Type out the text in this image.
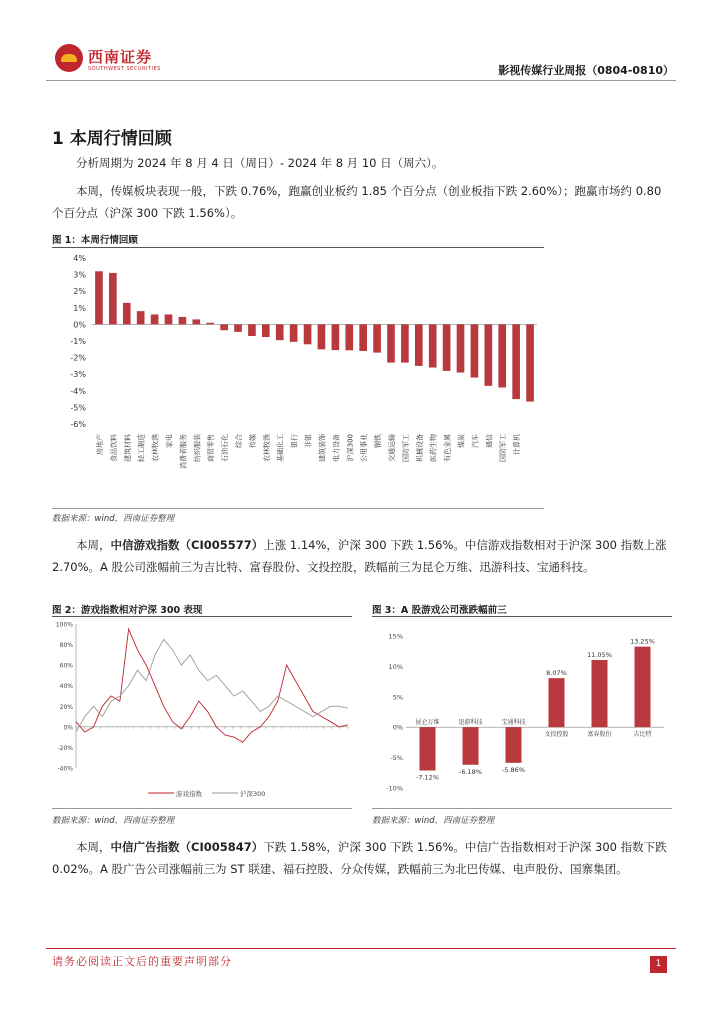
西南证券
SOUTHWEST SECURITIES	影视传媒行业周报（0804-0810）
1 本周行情回顾
分析周期为 2024 年 8 月 4 日（周日）- 2024 年 8 月 10 日（周六）。
本周，传媒板块表现一般，下跌 0.76%，跑赢创业板约 1.85 个百分点（创业板指下跌 2.60%）；跑赢市场约 0.80 个百分点（沪深 300 下跌 1.56%）。
图 1：本周行情回顾
4%
3%
2%
1%
0%
-1%
-2%
-3%
-4%
-5%
-6%
房地产 食品饮料 建筑材料 轻工制造 农林牧渔 家电 消费者服务 纺织服装 商贸零售 石油石化 综合 传媒 农林牧渔 基础化工 银行 非银 建筑装饰 电力设备 沪深300 公用事业 钢铁 交通运输 国防军工 机械设备 医药生物 有色金属 煤炭 汽车 通信 国防军工 计算机
数据来源：wind，西南证券整理
本周，中信游戏指数（CI005577）上涨 1.14%，沪深 300 下跌 1.56%。中信游戏指数相对于沪深 300 指数上涨 2.70%。A 股公司涨幅前三为吉比特、富春股份、文投控股，跌幅前三为昆仑万维、迅游科技、宝通科技。
图 2：游戏指数相对沪深 300 表现
100%
80%
60%
40%
20%
0%
-20%
-40%
游戏指数	沪深300
数据来源：wind，西南证券整理
图 3：A 股游戏公司涨跌幅前三
15%
10%
5%
0%
-5%
-10%
-7.12%
昆仑万维
-6.18%
迅游科技
-5.86%
宝通科技
8.07%
文投控股
11.05%
富春股份
13.25%
吉比特
数据来源：wind，西南证券整理
本周，中信广告指数（CI005847）下跌 1.58%，沪深 300 下跌 1.56%。中信广告指数相对于沪深 300 指数下跌 0.02%。A 股广告公司涨幅前三为 ST 联建、福石控股、分众传媒，跌幅前三为北巴传媒、电声股份、国寨集团。
请务必阅读正文后的重要声明部分	1
